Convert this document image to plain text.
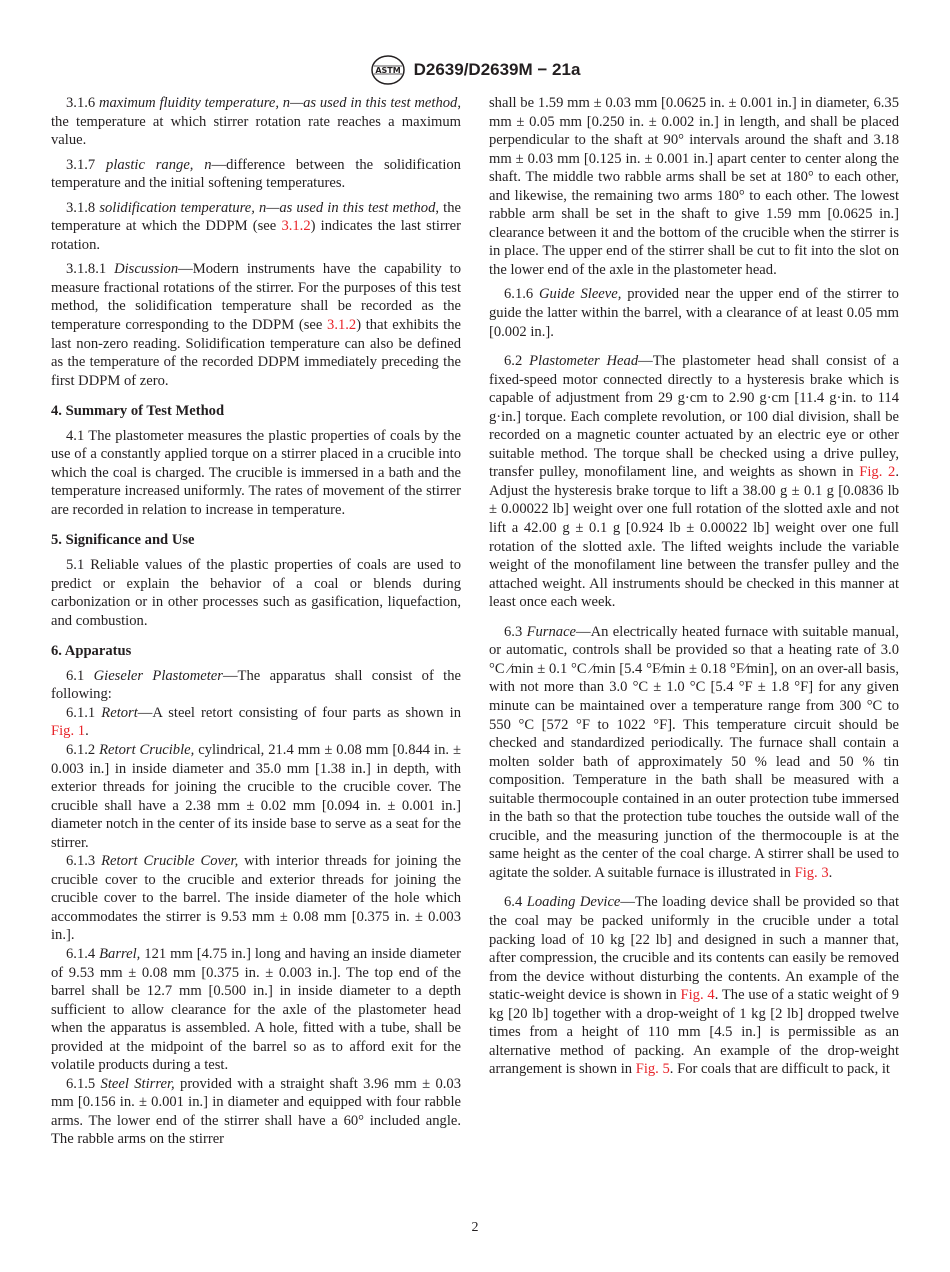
ASTM D2639/D2639M − 21a

3.1.6 maximum fluidity temperature, n—as used in this test method, the temperature at which stirrer rotation rate reaches a maximum value.

3.1.7 plastic range, n—difference between the solidification temperature and the initial softening temperatures.

3.1.8 solidification temperature, n—as used in this test method, the temperature at which the DDPM (see 3.1.2) indicates the last stirrer rotation.

3.1.8.1 Discussion—Modern instruments have the capability to measure fractional rotations of the stirrer. For the purposes of this test method, the solidification temperature shall be recorded as the temperature corresponding to the DDPM (see 3.1.2) that exhibits the last non-zero reading. Solidification temperature can also be defined as the temperature of the recorded DDPM immediately preceding the first DDPM of zero.

4. Summary of Test Method

4.1 The plastometer measures the plastic properties of coals by the use of a constantly applied torque on a stirrer placed in a crucible into which the coal is charged. The crucible is immersed in a bath and the temperature increased uniformly. The rates of movement of the stirrer are recorded in relation to increase in temperature.

5. Significance and Use

5.1 Reliable values of the plastic properties of coals are used to predict or explain the behavior of a coal or blends during carbonization or in other processes such as gasification, liquefaction, and combustion.

6. Apparatus

6.1 Gieseler Plastometer—The apparatus shall consist of the following:

6.1.1 Retort—A steel retort consisting of four parts as shown in Fig. 1.

6.1.2 Retort Crucible, cylindrical, 21.4 mm ± 0.08 mm [0.844 in. ± 0.003 in.] in inside diameter and 35.0 mm [1.38 in.] in depth, with exterior threads for joining the crucible to the crucible cover. The crucible shall have a 2.38 mm ± 0.02 mm [0.094 in. ± 0.001 in.] diameter notch in the center of its inside base to serve as a seat for the stirrer.

6.1.3 Retort Crucible Cover, with interior threads for joining the crucible cover to the crucible and exterior threads for joining the crucible cover to the barrel. The inside diameter of the hole which accommodates the stirrer is 9.53 mm ± 0.08 mm [0.375 in. ± 0.003 in.].

6.1.4 Barrel, 121 mm [4.75 in.] long and having an inside diameter of 9.53 mm ± 0.08 mm [0.375 in. ± 0.003 in.]. The top end of the barrel shall be 12.7 mm [0.500 in.] in inside diameter to a depth sufficient to allow clearance for the axle of the plastometer head when the apparatus is assembled. A hole, fitted with a tube, shall be provided at the midpoint of the barrel so as to afford exit for the volatile products during a test.

6.1.5 Steel Stirrer, provided with a straight shaft 3.96 mm ± 0.03 mm [0.156 in. ± 0.001 in.] in diameter and equipped with four rabble arms. The lower end of the stirrer shall have a 60° included angle. The rabble arms on the stirrer

shall be 1.59 mm ± 0.03 mm [0.0625 in. ± 0.001 in.] in diameter, 6.35 mm ± 0.05 mm [0.250 in. ± 0.002 in.] in length, and shall be placed perpendicular to the shaft at 90° intervals around the shaft and 3.18 mm ± 0.03 mm [0.125 in. ± 0.001 in.] apart center to center along the shaft. The middle two rabble arms shall be set at 180° to each other, and likewise, the remaining two arms 180° to each other. The lowest rabble arm shall be set in the shaft to give 1.59 mm [0.0625 in.] clearance between it and the bottom of the crucible when the stirrer is in place. The upper end of the stirrer shall be cut to fit into the slot on the lower end of the axle in the plastometer head.

6.1.6 Guide Sleeve, provided near the upper end of the stirrer to guide the latter within the barrel, with a clearance of at least 0.05 mm [0.002 in.].

6.2 Plastometer Head—The plastometer head shall consist of a fixed-speed motor connected directly to a hysteresis brake which is capable of adjustment from 29 g·cm to 2.90 g·cm [11.4 g·in. to 114 g·in.] torque. Each complete revolution, or 100 dial division, shall be recorded on a magnetic counter actuated by an electric eye or other suitable method. The torque shall be checked using a drive pulley, transfer pulley, monofilament line, and weights as shown in Fig. 2. Adjust the hysteresis brake torque to lift a 38.00 g ± 0.1 g [0.0836 lb ± 0.00022 lb] weight over one full rotation of the slotted axle and not lift a 42.00 g ± 0.1 g [0.924 lb ± 0.00022 lb] weight over one full rotation of the slotted axle. The lifted weights include the variable weight of the monofilament line between the transfer pulley and the attached weight. All instruments should be checked in this manner at least once each week.

6.3 Furnace—An electrically heated furnace with suitable manual, or automatic, controls shall be provided so that a heating rate of 3.0 °C ⁄min ± 0.1 °C ⁄min [5.4 °F⁄min ± 0.18 °F⁄min], on an over-all basis, with not more than 3.0 °C ± 1.0 °C [5.4 °F ± 1.8 °F] for any given minute can be maintained over a temperature range from 300 °C to 550 °C [572 °F to 1022 °F]. This temperature circuit should be checked and standardized periodically. The furnace shall contain a molten solder bath of approximately 50 % lead and 50 % tin composition. Temperature in the bath shall be measured with a suitable thermocouple contained in an outer protection tube immersed in the bath so that the protection tube touches the outside wall of the crucible, and the measuring junction of the thermocouple is at the same height as the center of the coal charge. A stirrer shall be used to agitate the solder. A suitable furnace is illustrated in Fig. 3.

6.4 Loading Device—The loading device shall be provided so that the coal may be packed uniformly in the crucible under a total packing load of 10 kg [22 lb] and designed in such a manner that, after compression, the crucible and its contents can easily be removed from the device without disturbing the contents. An example of the static-weight device is shown in Fig. 4. The use of a static weight of 9 kg [20 lb] together with a drop-weight of 1 kg [2 lb] dropped twelve times from a height of 110 mm [4.5 in.] is permissible as an alternative method of packing. An example of the drop-weight arrangement is shown in Fig. 5. For coals that are difficult to pack, it

2
